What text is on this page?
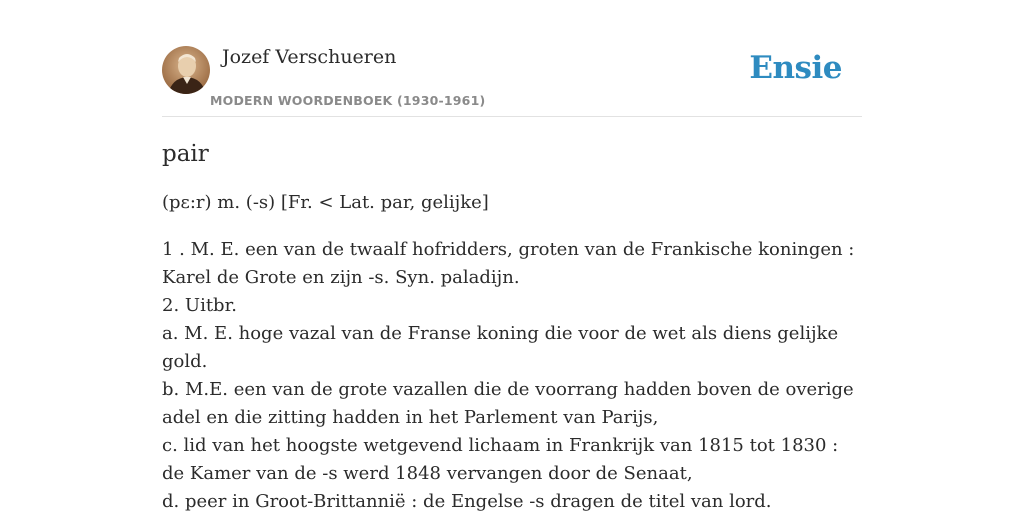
Jozef Verschueren
MODERN WOORDENBOEK (1930-1961)
Ensie
pair

(pɛ:r) m. (-s) [Fr. < Lat. par, gelijke]

1 . M. E. een van de twaalf hofridders, groten van de Frankische koningen : Karel de Grote en zijn -s. Syn. paladijn.
2. Uitbr.
a. M. E. hoge vazal van de Franse koning die voor de wet als diens gelijke gold.
b. M.E. een van de grote vazallen die de voorrang hadden boven de overige adel en die zitting hadden in het Parlement van Parijs,
c. lid van het hoogste wetgevend lichaam in Frankrijk van 1815 tot 1830 : de Kamer van de -s werd 1848 vervangen door de Senaat,
d. peer in Groot-Brittannië : de Engelse -s dragen de titel van lord.
